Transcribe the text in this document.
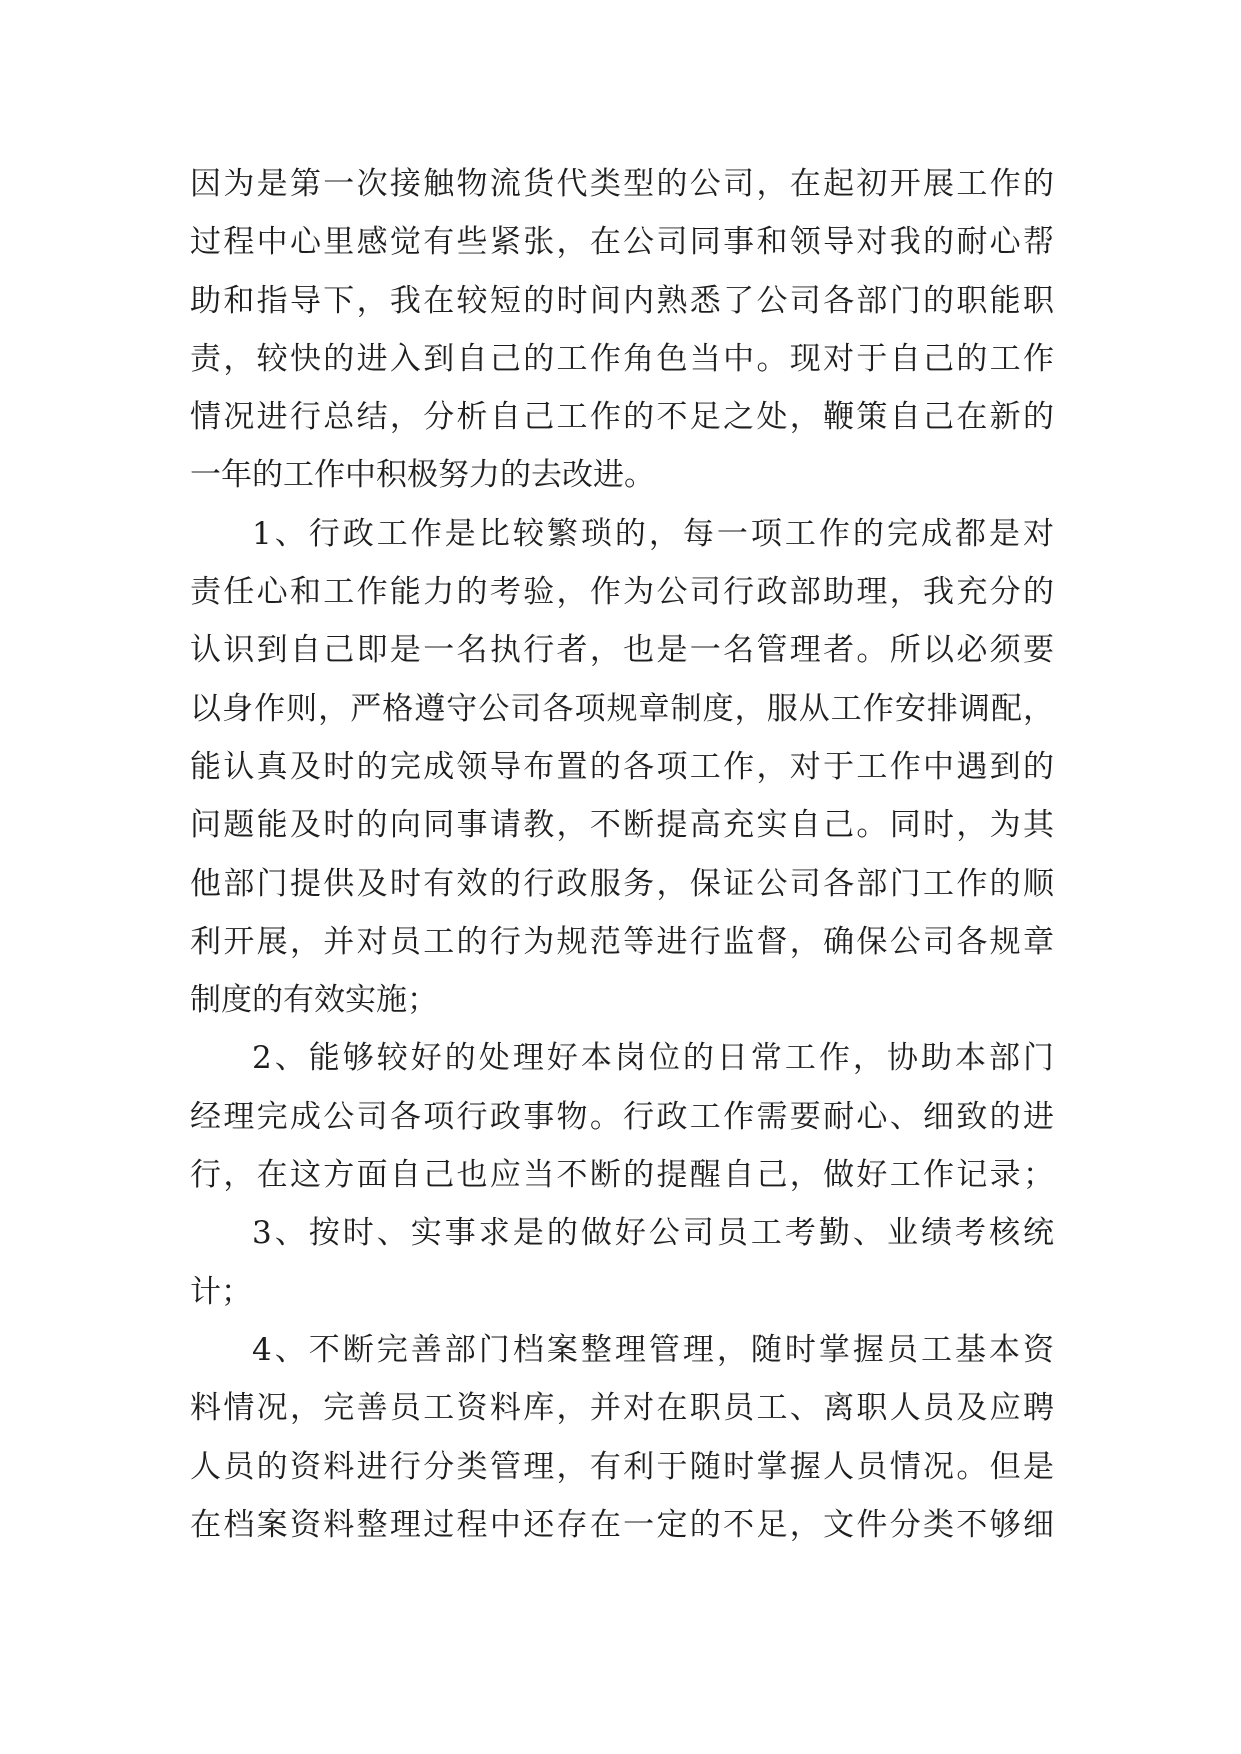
因为是第一次接触物流货代类型的公司，在起初开展工作的
过程中心里感觉有些紧张，在公司同事和领导对我的耐心帮
助和指导下，我在较短的时间内熟悉了公司各部门的职能职
责，较快的进入到自己的工作角色当中。现对于自己的工作
情况进行总结，分析自己工作的不足之处，鞭策自己在新的
一年的工作中积极努力的去改进。
1、行政工作是比较繁琐的，每一项工作的完成都是对
责任心和工作能力的考验，作为公司行政部助理，我充分的
认识到自己即是一名执行者，也是一名管理者。所以必须要
以身作则，严格遵守公司各项规章制度，服从工作安排调配，
能认真及时的完成领导布置的各项工作，对于工作中遇到的
问题能及时的向同事请教，不断提高充实自己。同时，为其
他部门提供及时有效的行政服务，保证公司各部门工作的顺
利开展，并对员工的行为规范等进行监督，确保公司各规章
制度的有效实施；
2、能够较好的处理好本岗位的日常工作，协助本部门
经理完成公司各项行政事物。行政工作需要耐心、细致的进
行，在这方面自己也应当不断的提醒自己，做好工作记录；
3、按时、实事求是的做好公司员工考勤、业绩考核统
计；
4、不断完善部门档案整理管理，随时掌握员工基本资
料情况，完善员工资料库，并对在职员工、离职人员及应聘
人员的资料进行分类管理，有利于随时掌握人员情况。但是
在档案资料整理过程中还存在一定的不足，文件分类不够细
